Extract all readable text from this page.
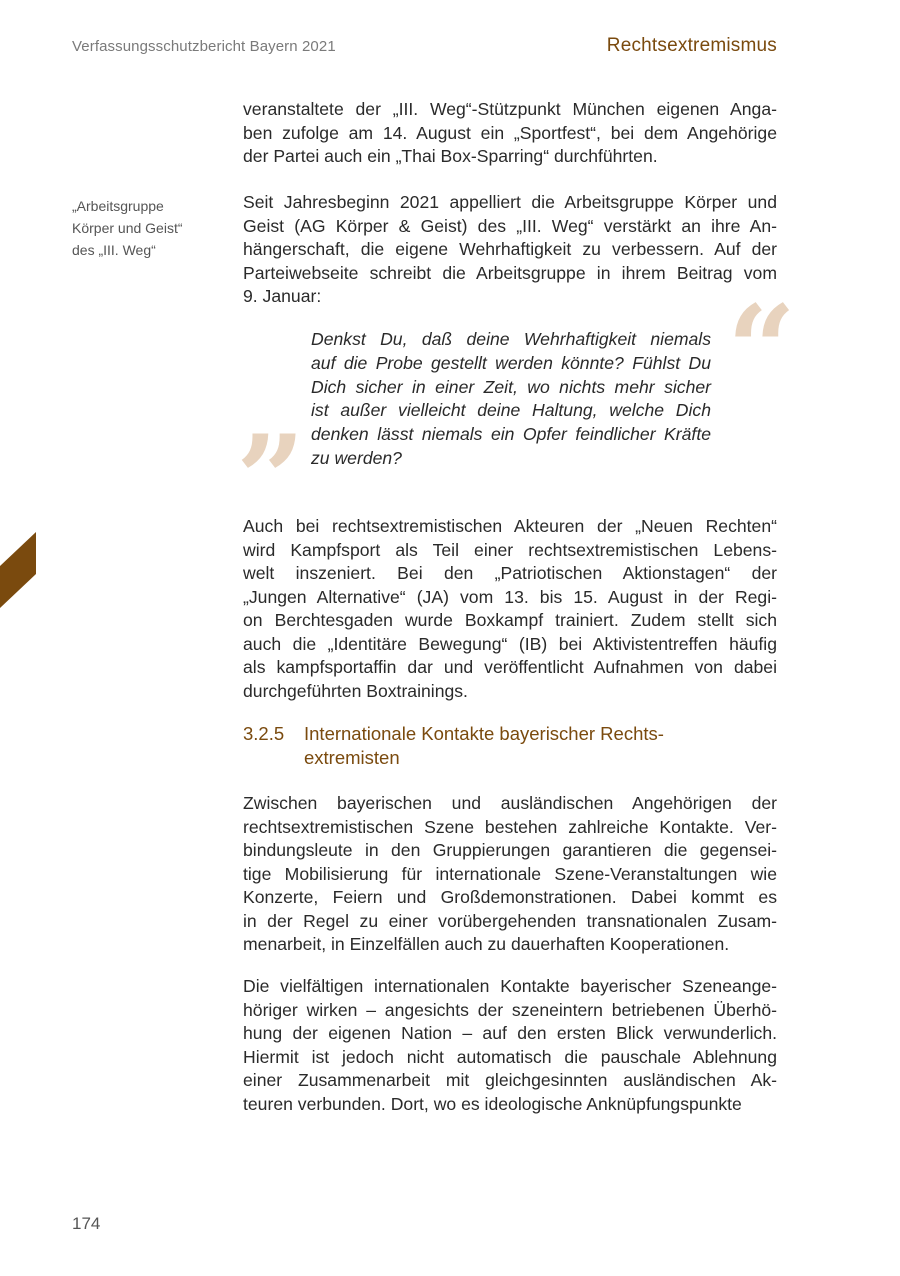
Verfassungsschutzbericht Bayern 2021	Rechtsextremismus
„Arbeitsgruppe
Körper und Geist“
des „III. Weg“
veranstaltete der „III. Weg“-Stützpunkt München eigenen Anga-
ben zufolge am 14. August ein „Sportfest“, bei dem Angehörige
der Partei auch ein „Thai Box-Sparring“ durchführten.
Seit Jahresbeginn 2021 appelliert die Arbeitsgruppe Körper und
Geist (AG Körper & Geist) des „III. Weg“ verstärkt an ihre An-
hängerschaft, die eigene Wehrhaftigkeit zu verbessern. Auf der
Parteiwebseite schreibt die Arbeitsgruppe in ihrem Beitrag vom
9. Januar:	“
”
Denkst Du, daß deine Wehrhaftigkeit niemals
auf die Probe gestellt werden könnte? Fühlst Du
Dich sicher in einer Zeit, wo nichts mehr sicher
ist außer vielleicht deine Haltung, welche Dich
denken lässt niemals ein Opfer feindlicher Kräfte
zu werden?
Auch bei rechtsextremistischen Akteuren der „Neuen Rechten“
wird Kampfsport als Teil einer rechtsextremistischen Lebens-
welt inszeniert. Bei den „Patriotischen Aktionstagen“ der
„Jungen Alternative“ (JA) vom 13. bis 15. August in der Regi-
on Berchtesgaden wurde Boxkampf trainiert. Zudem stellt sich
auch die „Identitäre Bewegung“ (IB) bei Aktivistentreffen häufig
als kampfsportaffin dar und veröffentlicht Aufnahmen von dabei
durchgeführten Boxtrainings.
3.2.5 Internationale Kontakte bayerischer Rechts-
extremisten
Zwischen bayerischen und ausländischen Angehörigen der
rechtsextremistischen Szene bestehen zahlreiche Kontakte. Ver-
bindungsleute in den Gruppierungen garantieren die gegensei-
tige Mobilisierung für internationale Szene-Veranstaltungen wie
Konzerte, Feiern und Großdemonstrationen. Dabei kommt es
in der Regel zu einer vorübergehenden transnationalen Zusam-
menarbeit, in Einzelfällen auch zu dauerhaften Kooperationen.
Die vielfältigen internationalen Kontakte bayerischer Szeneange-
höriger wirken – angesichts der szeneintern betriebenen Überhö-
hung der eigenen Nation – auf den ersten Blick verwunderlich.
Hiermit ist jedoch nicht automatisch die pauschale Ablehnung
einer Zusammenarbeit mit gleichgesinnten ausländischen Ak-
teuren verbunden. Dort, wo es ideologische Anknüpfungspunkte
174
